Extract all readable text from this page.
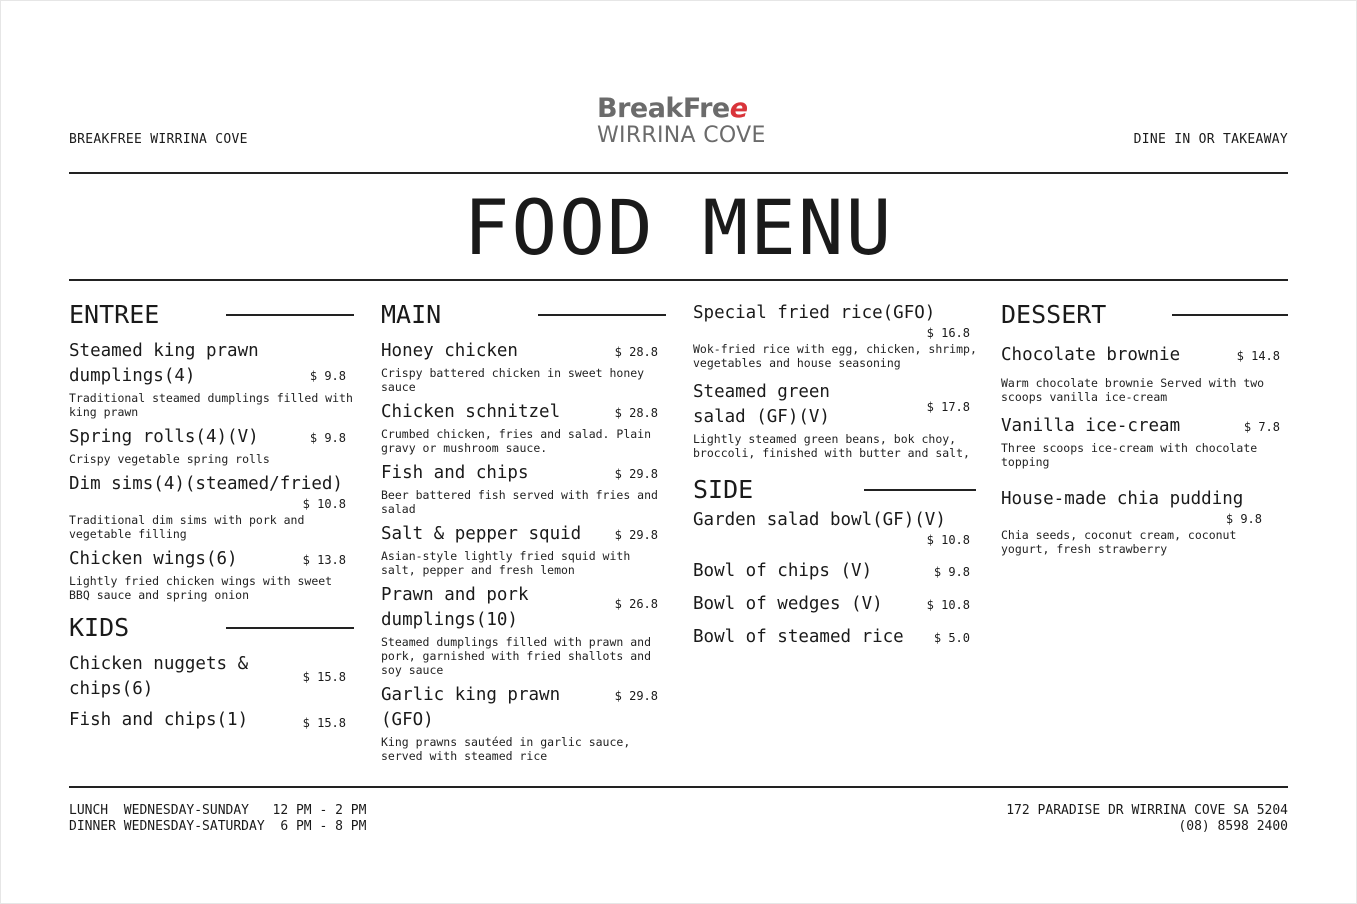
BREAKFREE WIRRINA COVE	DINE IN OR TAKEAWAY
BreakFree
WIRRINA COVE
FOOD MENU
ENTREE
Steamed king prawn dumplings(4)	$ 9.8
Traditional steamed dumplings filled with king prawn
Spring rolls(4)(V)	$ 9.8
Crispy vegetable spring rolls
Dim sims(4)(steamed/fried)
$ 10.8
Traditional dim sims with pork and vegetable filling
Chicken wings(6)	$ 13.8
Lightly fried chicken wings with sweet BBQ sauce and spring onion
KIDS
Chicken nuggets & chips(6)
$ 15.8
Fish and chips(1)	$ 15.8
MAIN
Honey chicken	$ 28.8
Crispy battered chicken in sweet honey sauce
Chicken schnitzel	$ 28.8
Crumbed chicken, fries and salad. Plain gravy or mushroom sauce.
Fish and chips	$ 29.8
Beer battered fish served with fries and salad
Salt & pepper squid	$ 29.8
Asian-style lightly fried squid with salt, pepper and fresh lemon
Prawn and pork dumplings(10)
$ 26.8
Steamed dumplings filled with prawn and pork, garnished with fried shallots and soy sauce
Garlic king prawn (GFO)
$ 29.8
King prawns sautéed in garlic sauce, served with steamed rice
Special fried rice(GFO)
$ 16.8
Wok-fried rice with egg, chicken, shrimp, vegetables and house seasoning
Steamed green salad (GF)(V)	$ 17.8
Lightly steamed green beans, bok choy, broccoli, finished with butter and salt,
SIDE
Garden salad bowl(GF)(V)
$ 10.8
Bowl of chips (V)	$ 9.8
Bowl of wedges (V)	$ 10.8
Bowl of steamed rice	$ 5.0
DESSERT
Chocolate brownie	$ 14.8
Warm chocolate brownie Served with two scoops vanilla ice-cream
Vanilla ice-cream	$ 7.8
Three scoops ice-cream with chocolate topping
House-made chia pudding
$ 9.8
Chia seeds, coconut cream, coconut yogurt, fresh strawberry
LUNCH  WEDNESDAY-SUNDAY   12 PM - 2 PM
DINNER WEDNESDAY-SATURDAY  6 PM - 8 PM
172 PARADISE DR WIRRINA COVE SA 5204
(08) 8598 2400
